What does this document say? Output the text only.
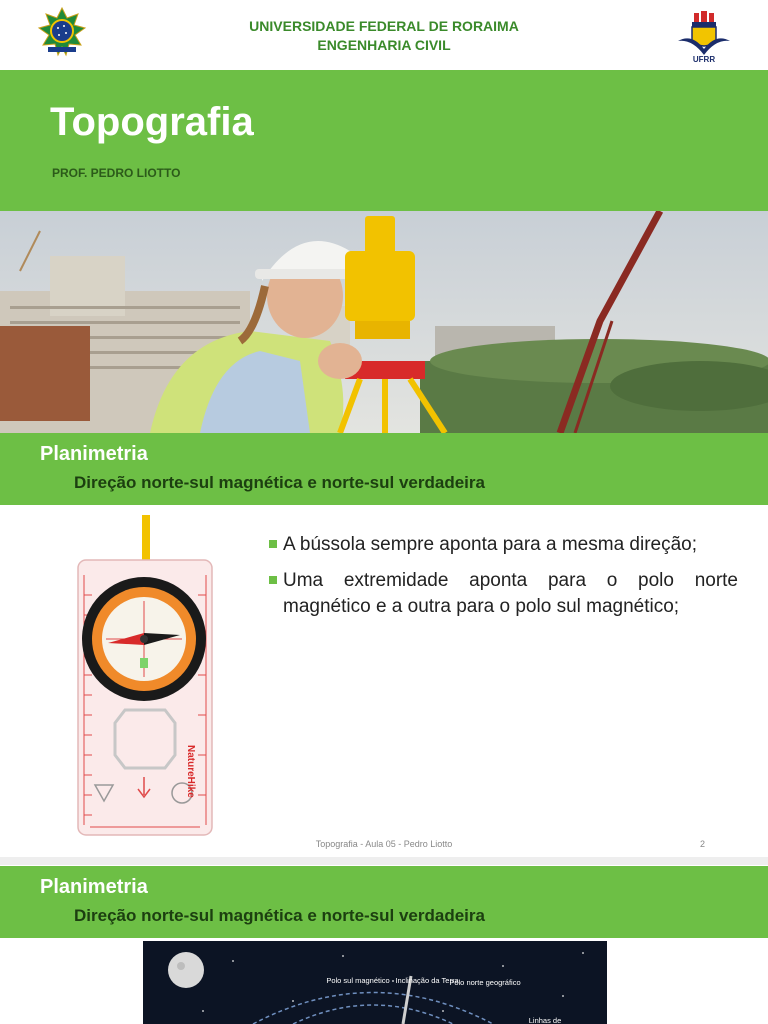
UNIVERSIDADE FEDERAL DE RORAIMA
ENGENHARIA CIVIL
UFRR
Topografia
PROF. PEDRO LIOTTO
Planimetria
Direção norte-sul magnética e norte-sul verdadeira
NatureHike
A bússola sempre aponta para a mesma direção;
Uma extremidade aponta para o polo norte magnético e a outra para o polo sul magnético;
Topografia - Aula 05 - Pedro Liotto	2
Planimetria
Direção norte-sul magnética e norte-sul verdadeira
Polo sul magnético Inclinação da Terra
Polo norte geográfico
Linhas de
